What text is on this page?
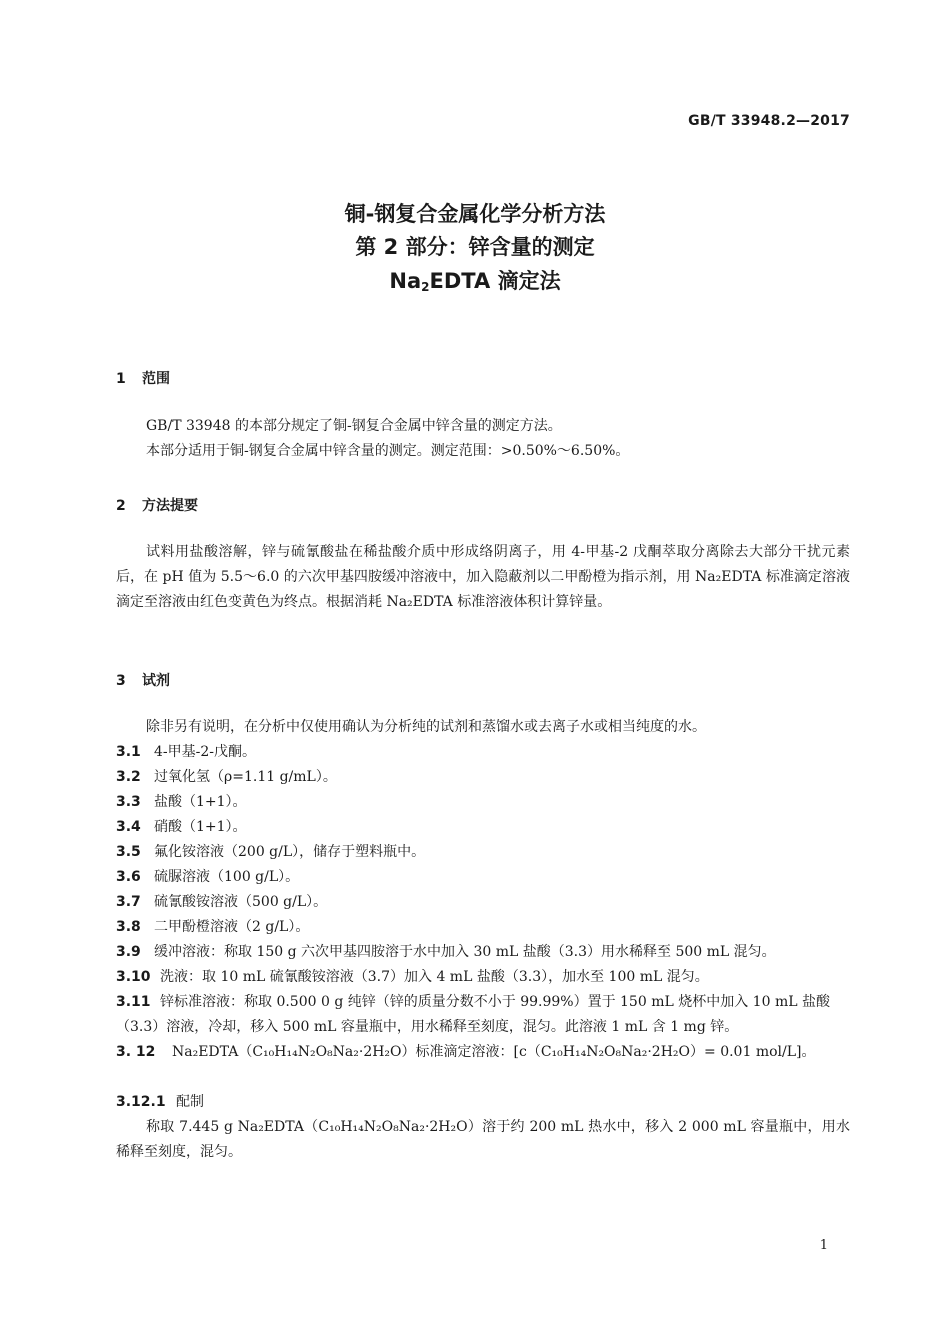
GB/T 33948.2—2017
铜-钢复合金属化学分析方法
第 2 部分：锌含量的测定
$Na_2EDTA$ 滴定法
1 范围

GB/T 33948 的本部分规定了铜-钢复合金属中锌含量的测定方法。

本部分适用于铜-钢复合金属中锌含量的测定。测定范围：>0.50%～6.50%。

2 方法提要

试料用盐酸溶解，锌与硫氰酸盐在稀盐酸介质中形成络阴离子，用 4-甲基-2 戊酮萃取分离除去大部分干扰元素后，在 pH 值为 5.5～6.0 的六次甲基四胺缓冲溶液中，加入隐蔽剂以二甲酚橙为指示剂，用 Na₂EDTA 标准滴定溶液滴定至溶液由红色变黄色为终点。根据消耗 Na₂EDTA 标准溶液体积计算锌量。

3 试剂

除非另有说明，在分析中仅使用确认为分析纯的试剂和蒸馏水或去离子水或相当纯度的水。

3.1 4-甲基-2-戊酮。
3.2 过氧化氢（ρ=1.11 g/mL）。
3.3 盐酸（1+1）。
3.4 硝酸（1+1）。
3.5 氟化铵溶液（200 g/L），储存于塑料瓶中。
3.6 硫脲溶液（100 g/L）。
3.7 硫氰酸铵溶液（500 g/L）。
3.8 二甲酚橙溶液（2 g/L）。
3.9 缓冲溶液：称取 150 g 六次甲基四胺溶于水中加入 30 mL 盐酸（3.3）用水稀释至 500 mL 混匀。
3.10 洗液：取 10 mL 硫氰酸铵溶液（3.7）加入 4 mL 盐酸（3.3），加水至 100 mL 混匀。
3.11 锌标准溶液：称取 0.500 0 g 纯锌（锌的质量分数不小于 99.99%）置于 150 mL 烧杯中加入 10 mL 盐酸（3.3）溶液，冷却，移入 500 mL 容量瓶中，用水稀释至刻度，混匀。此溶液 1 mL 含 1 mg 锌。
3. 12 Na₂EDTA（C₁₀H₁₄N₂O₈Na₂·2H₂O）标准滴定溶液：[c（C₁₀H₁₄N₂O₈Na₂·2H₂O）= 0.01 mol/L]。
3.12.1 配制

称取 7.445 g Na₂EDTA（C₁₀H₁₄N₂O₈Na₂·2H₂O）溶于约 200 mL 热水中，移入 2 000 mL 容量瓶中，用水稀释至刻度，混匀。

1
